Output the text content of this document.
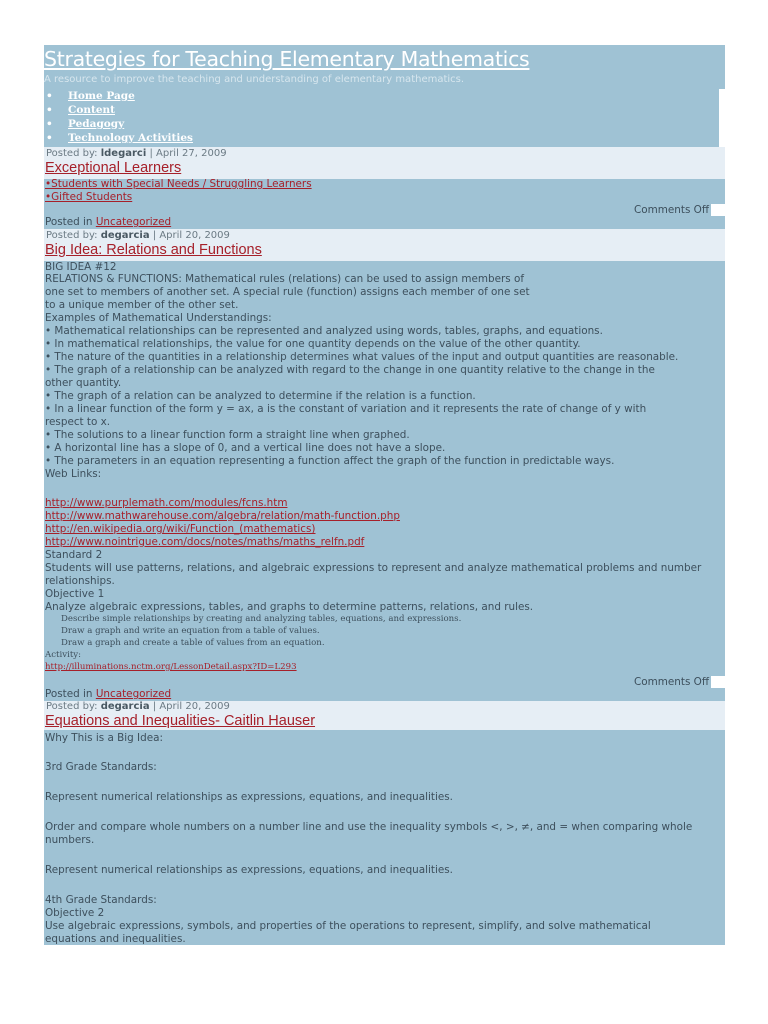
Strategies for Teaching Elementary Mathematics
A resource to improve the teaching and understanding of elementary mathematics.
• Home Page
• Content
• Pedagogy
• Technology Activities
Posted by: ldegarci | April 27, 2009
Exceptional Learners
•Students with Special Needs / Struggling Learners
•Gifted Students
Comments Off
Posted in Uncategorized
Posted by: degarcia | April 20, 2009
Big Idea: Relations and Functions
BIG IDEA #12
RELATIONS & FUNCTIONS: Mathematical rules (relations) can be used to assign members of
one set to members of another set. A special rule (function) assigns each member of one set
to a unique member of the other set.
Examples of Mathematical Understandings:
• Mathematical relationships can be represented and analyzed using words, tables, graphs, and equations.
• In mathematical relationships, the value for one quantity depends on the value of the other quantity.
• The nature of the quantities in a relationship determines what values of the input and output quantities are reasonable.
• The graph of a relationship can be analyzed with regard to the change in one quantity relative to the change in the
other quantity.
• The graph of a relation can be analyzed to determine if the relation is a function.
• In a linear function of the form y = ax, a is the constant of variation and it represents the rate of change of y with
respect to x.
• The solutions to a linear function form a straight line when graphed.
• A horizontal line has a slope of 0, and a vertical line does not have a slope.
• The parameters in an equation representing a function affect the graph of the function in predictable ways.
Web Links:
http://www.purplemath.com/modules/fcns.htm
http://www.mathwarehouse.com/algebra/relation/math-function.php
http://en.wikipedia.org/wiki/Function_(mathematics)
http://www.nointrigue.com/docs/notes/maths/maths_relfn.pdf
Standard 2
Students will use patterns, relations, and algebraic expressions to represent and analyze mathematical problems and number
relationships.
Objective 1
Analyze algebraic expressions, tables, and graphs to determine patterns, relations, and rules.
Describe simple relationships by creating and analyzing tables, equations, and expressions.
Draw a graph and write an equation from a table of values.
Draw a graph and create a table of values from an equation.
Activity:
http://illuminations.nctm.org/LessonDetail.aspx?ID=L293
Comments Off
Posted in Uncategorized
Posted by: degarcia | April 20, 2009
Equations and Inequalities- Caitlin Hauser
Why This is a Big Idea:
3rd Grade Standards:
Represent numerical relationships as expressions, equations, and inequalities.
Order and compare whole numbers on a number line and use the inequality symbols <, >, ≠, and = when comparing whole
numbers.
Represent numerical relationships as expressions, equations, and inequalities.
4th Grade Standards:
Objective 2
Use algebraic expressions, symbols, and properties of the operations to represent, simplify, and solve mathematical
equations and inequalities.
